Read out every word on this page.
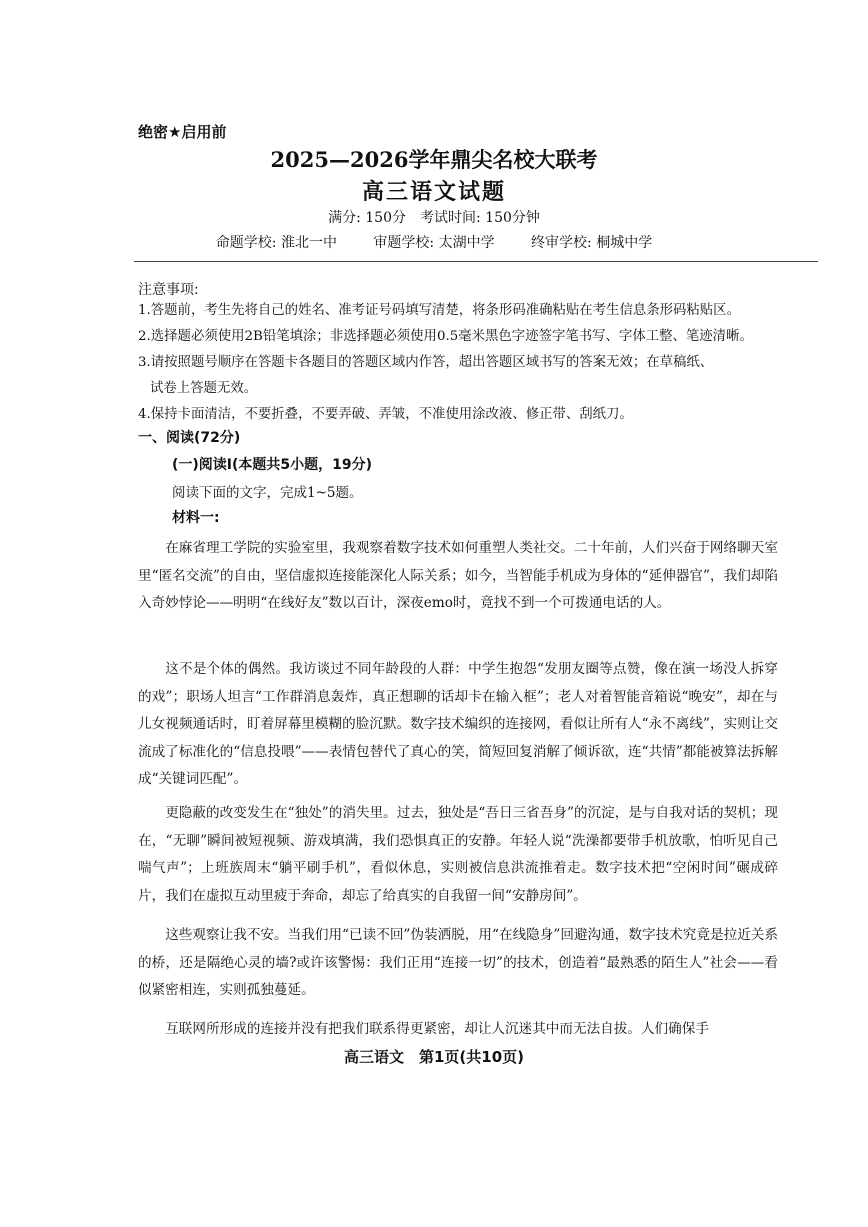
绝密★启用前
2025—2026学年鼎尖名校大联考
高三语文试题
满分: 150分　考试时间: 150分钟
命题学校: 淮北一中	审题学校: 太湖中学	终审学校: 桐城中学
注意事项:
1.答题前，考生先将自己的姓名、准考证号码填写清楚，将条形码准确粘贴在考生信息条形码粘贴区。
2.选择题必须使用2B铅笔填涂；非选择题必须使用0.5毫米黑色字迹签字笔书写、字体工整、笔迹清晰。
3.请按照题号顺序在答题卡各题目的答题区域内作答，超出答题区域书写的答案无效；在草稿纸、
试卷上答题无效。
4.保持卡面清洁，不要折叠，不要弄破、弄皱，不准使用涂改液、修正带、刮纸刀。
一、阅读(72分)
(一)阅读Ⅰ(本题共5小题，19分)
阅读下面的文字，完成1~5题。
材料一:
在麻省理工学院的实验室里，我观察着数字技术如何重塑人类社交。二十年前，人们兴奋于网络聊天室里“匿名交流”的自由，坚信虚拟连接能深化人际关系；如今，当智能手机成为身体的“延伸器官”，我们却陷入奇妙悖论——明明“在线好友”数以百计，深夜emo时，竟找不到一个可拨通电话的人。
这不是个体的偶然。我访谈过不同年龄段的人群：中学生抱怨“发朋友圈等点赞，像在演一场没人拆穿的戏”；职场人坦言“工作群消息轰炸，真正想聊的话却卡在输入框”；老人对着智能音箱说“晚安”，却在与儿女视频通话时，盯着屏幕里模糊的脸沉默。数字技术编织的连接网，看似让所有人“永不离线”，实则让交流成了标准化的“信息投喂”——表情包替代了真心的笑，简短回复消解了倾诉欲，连“共情”都能被算法拆解成“关键词匹配”。
更隐蔽的改变发生在“独处”的消失里。过去，独处是“吾日三省吾身”的沉淀，是与自我对话的契机；现在，“无聊”瞬间被短视频、游戏填满，我们恐惧真正的安静。年轻人说“洗澡都要带手机放歌，怕听见自己喘气声”；上班族周末“躺平刷手机”，看似休息，实则被信息洪流推着走。数字技术把“空闲时间”碾成碎片，我们在虚拟互动里疲于奔命，却忘了给真实的自我留一间“安静房间”。
这些观察让我不安。当我们用“已读不回”伪装洒脱，用“在线隐身”回避沟通，数字技术究竟是拉近关系的桥，还是隔绝心灵的墙?或许该警惕：我们正用“连接一切”的技术，创造着“最熟悉的陌生人”社会——看似紧密相连，实则孤独蔓延。
互联网所形成的连接并没有把我们联系得更紧密，却让人沉迷其中而无法自拔。人们确保手
高三语文　第1页(共10页)
